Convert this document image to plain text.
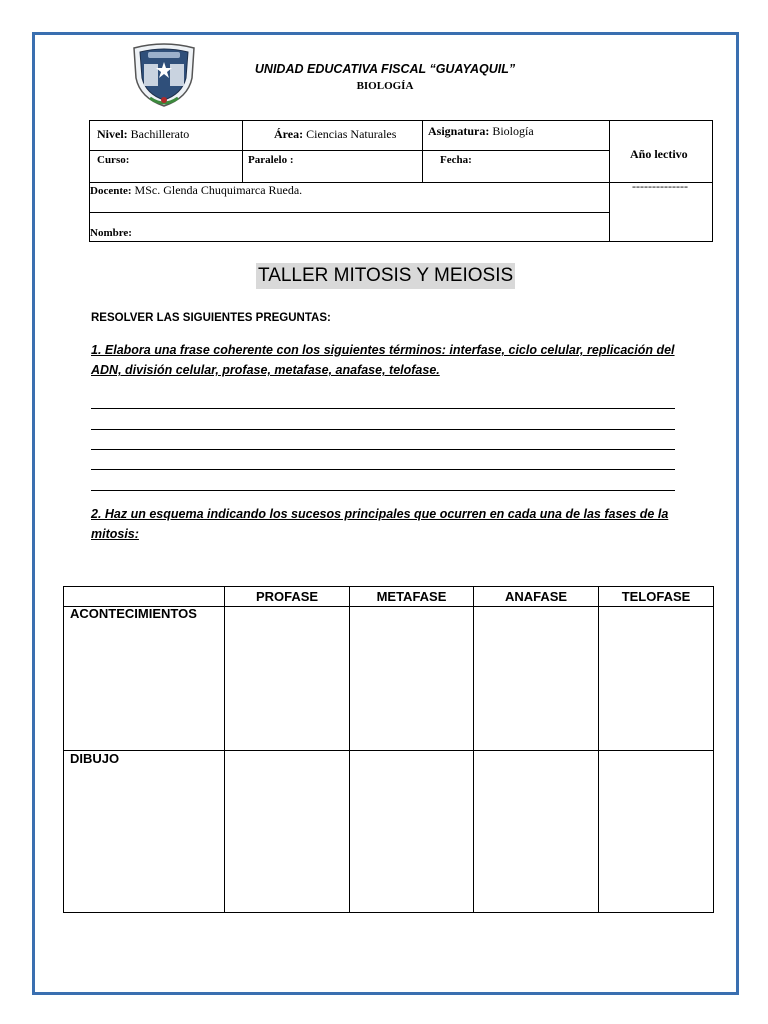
UNIDAD EDUCATIVA FISCAL “GUAYAQUIL”
BIOLOGÍA
Nivel: Bachillerato	Área: Ciencias Naturales	Asignatura: Biología
Año lectivo
--------------
Curso:	Paralelo :	Fecha:
Docente: MSc. Glenda Chuquimarca Rueda.
Nombre:
TALLER MITOSIS Y MEIOSIS
RESOLVER LAS SIGUIENTES PREGUNTAS:
1. Elabora una frase coherente con los siguientes términos: interfase, ciclo celular, replicación del ADN, división celular, profase, metafase, anafase, telofase.
2. Haz un esquema indicando los sucesos principales que ocurren en cada una de las fases de la mitosis:
PROFASE	METAFASE	ANAFASE	TELOFASE
ACONTECIMIENTOS
DIBUJO
